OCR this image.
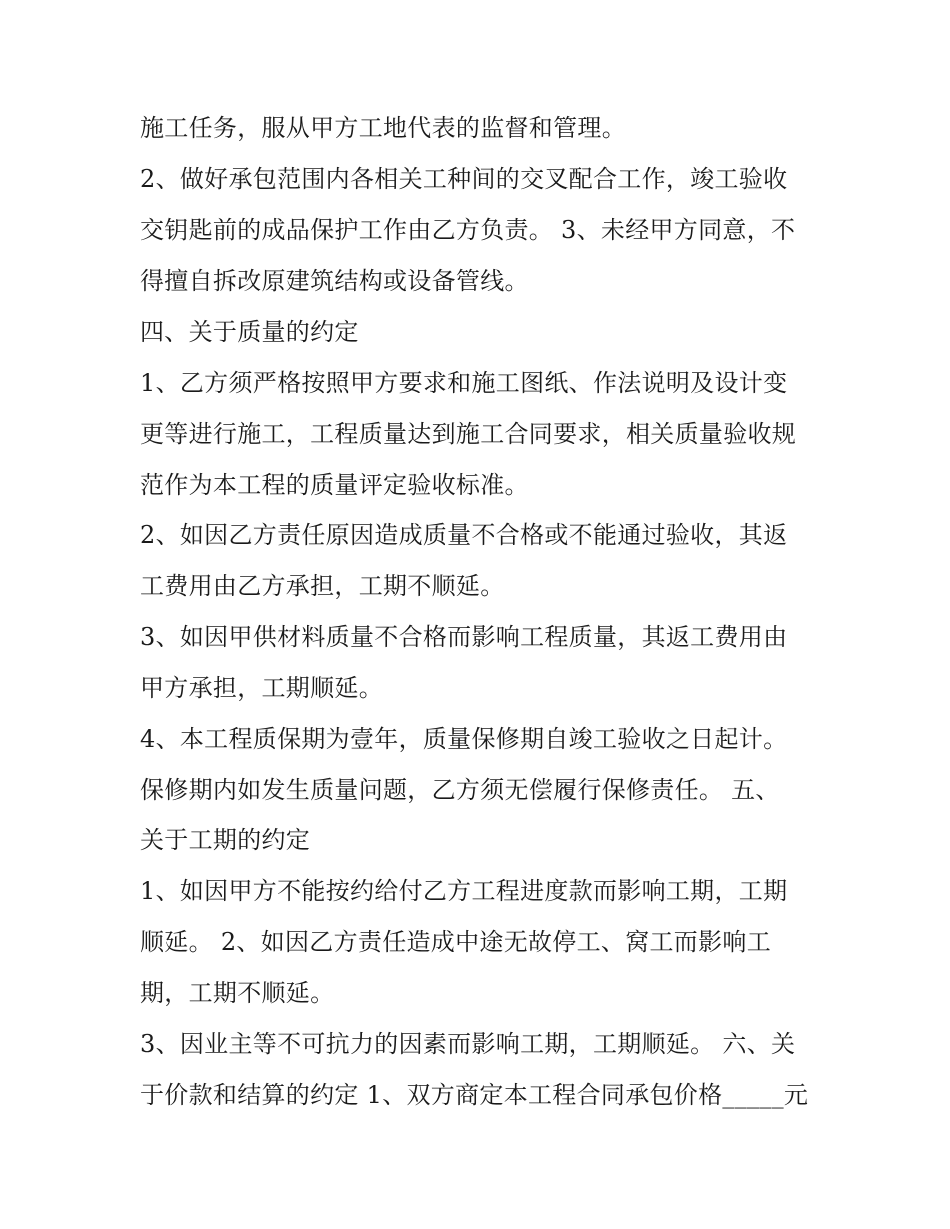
施工任务，服从甲方工地代表的监督和管理。

2、做好承包范围内各相关工种间的交叉配合工作，竣工验收

交钥匙前的成品保护工作由乙方负责。 3、未经甲方同意，不

得擅自拆改原建筑结构或设备管线。

四、关于质量的约定

1、乙方须严格按照甲方要求和施工图纸、作法说明及设计变

更等进行施工，工程质量达到施工合同要求，相关质量验收规

范作为本工程的质量评定验收标准。

2、如因乙方责任原因造成质量不合格或不能通过验收，其返

工费用由乙方承担，工期不顺延。

3、如因甲供材料质量不合格而影响工程质量，其返工费用由

甲方承担，工期顺延。

4、本工程质保期为壹年，质量保修期自竣工验收之日起计。

保修期内如发生质量问题，乙方须无偿履行保修责任。 五、

关于工期的约定

1、如因甲方不能按约给付乙方工程进度款而影响工期，工期

顺延。 2、如因乙方责任造成中途无故停工、窝工而影响工

期，工期不顺延。

3、因业主等不可抗力的因素而影响工期，工期顺延。 六、关

于价款和结算的约定 1、双方商定本工程合同承包价格_____元
